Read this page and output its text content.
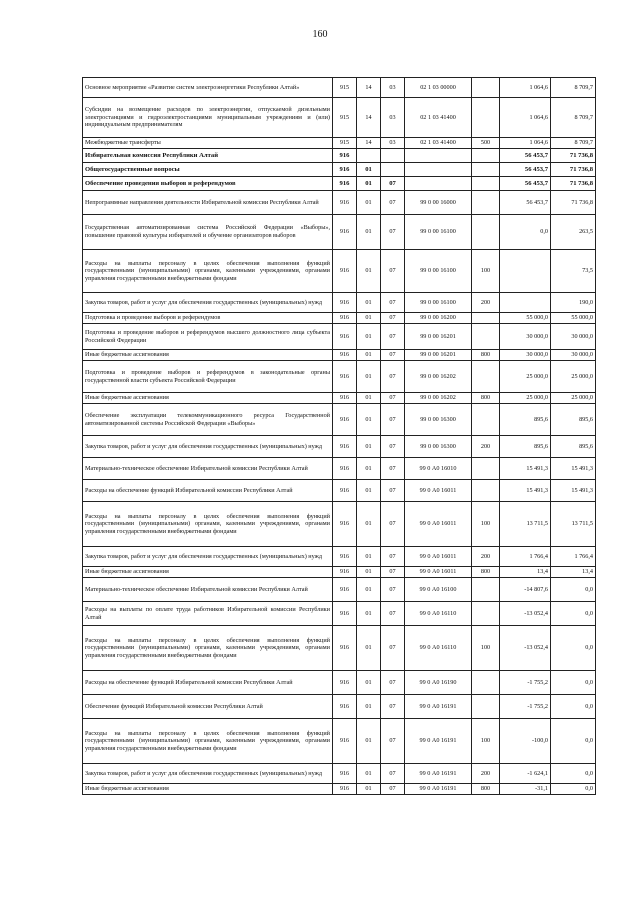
160
Основное мероприятие «Развитие систем электроэнергетики Республики Алтай»	915	14	03	02 1 03 00000		1 064,6	8 709,7
Субсидии на возмещение расходов по электроэнергии, отпускаемой дизельными электростанциями и гидроэлектростанциями муниципальным учреждениям и (или) индивидуальным предпринимателям	915	14	03	02 1 03 41400		1 064,6	8 709,7
Межбюджетные трансферты	915	14	03	02 1 03 41400	500	1 064,6	8 709,7
Избирательная комиссия Республики Алтай	916					56 453,7	71 736,8
Общегосударственные вопросы	916	01				56 453,7	71 736,8
Обеспечение проведения выборов и референдумов	916	01	07			56 453,7	71 736,8
Непрограммные направления деятельности Избирательной комиссии Республики Алтай	916	01	07	99 0 00 16000		56 453,7	71 736,8
Государственная автоматизированная система Российской Федерации «Выборы», повышение правовой культуры избирателей и обучение организаторов выборов	916	01	07	99 0 00 16100		0,0	263,5
Расходы на выплаты персоналу в целях обеспечения выполнения функций государственными (муниципальными) органами, казенными учреждениями, органами управления государственными внебюджетными фондами	916	01	07	99 0 00 16100	100		73,5
Закупка товаров, работ и услуг для обеспечения государственных (муниципальных) нужд	916	01	07	99 0 00 16100	200		190,0
Подготовка и проведение выборов и референдумов	916	01	07	99 0 00 16200		55 000,0	55 000,0
Подготовка и проведение выборов и референдумов высшего должностного лица субъекта Российской Федерации	916	01	07	99 0 00 16201		30 000,0	30 000,0
Иные бюджетные ассигнования	916	01	07	99 0 00 16201	800	30 000,0	30 000,0
Подготовка и проведение выборов и референдумов в законодательные органы государственной власти субъекта Российской Федерации	916	01	07	99 0 00 16202		25 000,0	25 000,0
Иные бюджетные ассигнования	916	01	07	99 0 00 16202	800	25 000,0	25 000,0
Обеспечение эксплуатации телекоммуникационного ресурса Государственной автоматизированной системы Российской Федерации «Выборы»	916	01	07	99 0 00 16300		895,6	895,6
Закупка товаров, работ и услуг для обеспечения государственных (муниципальных) нужд	916	01	07	99 0 00 16300	200	895,6	895,6
Материально-техническое обеспечение Избирательной комиссии Республики Алтай	916	01	07	99 0 А0 16010		15 491,3	15 491,3
Расходы на обеспечение функций Избирательной комиссии Республики Алтай	916	01	07	99 0 А0 16011		15 491,3	15 491,3
Расходы на выплаты персоналу в целях обеспечения выполнения функций государственными (муниципальными) органами, казенными учреждениями, органами управления государственными внебюджетными фондами	916	01	07	99 0 А0 16011	100	13 711,5	13 711,5
Закупка товаров, работ и услуг для обеспечения государственных (муниципальных) нужд	916	01	07	99 0 А0 16011	200	1 766,4	1 766,4
Иные бюджетные ассигнования	916	01	07	99 0 А0 16011	800	13,4	13,4
Материально-техническое обеспечение Избирательной комиссии Республики Алтай	916	01	07	99 0 А0 16100		-14 807,6	0,0
Расходы на выплаты по оплате труда работников Избирательной комиссии Республики Алтай	916	01	07	99 0 А0 16110		-13 052,4	0,0
Расходы на выплаты персоналу в целях обеспечения выполнения функций государственными (муниципальными) органами, казенными учреждениями, органами управления государственными внебюджетными фондами	916	01	07	99 0 А0 16110	100	-13 052,4	0,0
Расходы на обеспечение функций Избирательной комиссии Республики Алтай	916	01	07	99 0 А0 16190		-1 755,2	0,0
Обеспечение функций Избирательной комиссии Республики Алтай	916	01	07	99 0 А0 16191		-1 755,2	0,0
Расходы на выплаты персоналу в целях обеспечения выполнения функций государственными (муниципальными) органами, казенными учреждениями, органами управления государственными внебюджетными фондами	916	01	07	99 0 А0 16191	100	-100,0	0,0
Закупка товаров, работ и услуг для обеспечения государственных (муниципальных) нужд	916	01	07	99 0 А0 16191	200	-1 624,1	0,0
Иные бюджетные ассигнования	916	01	07	99 0 А0 16191	800	-31,1	0,0
